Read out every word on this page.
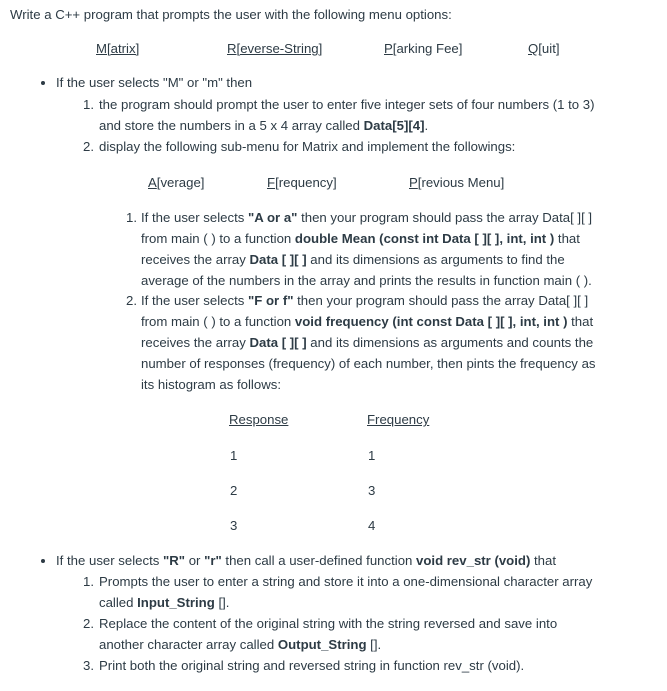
Write a C++ program that prompts the user with the following menu options:
M[atrix]	R[everse-String]	P[arking Fee]	Q[uit]
If the user selects "M" or "m" then
1. the program should prompt the user to enter five integer sets of four numbers (1 to 3)
and store the numbers in a 5 x 4 array called Data[5][4].
2. display the following sub-menu for Matrix and implement the followings:
A[verage]	F[requency]	P[revious Menu]
1. If the user selects "A or a" then your program should pass the array Data[ ][ ]
from main ( ) to a function double Mean (const int Data [ ][ ], int, int ) that
receives the array Data [ ][ ] and its dimensions as arguments to find the
average of the numbers in the array and prints the results in function main ( ).
2. If the user selects "F or f" then your program should pass the array Data[ ][ ]
from main ( ) to a function void frequency (int const Data [ ][ ], int, int ) that
receives the array Data [ ][ ] and its dimensions as arguments and counts the
number of responses (frequency) of each number, then pints the frequency as
its histogram as follows:
Response	Frequency
1	1
2	3
3	4
If the user selects "R" or "r" then call a user-defined function void rev_str (void) that
1. Prompts the user to enter a string and store it into a one-dimensional character array
called Input_String [].
2. Replace the content of the original string with the string reversed and save into
another character array called Output_String [].
3. Print both the original string and reversed string in function rev_str (void).
